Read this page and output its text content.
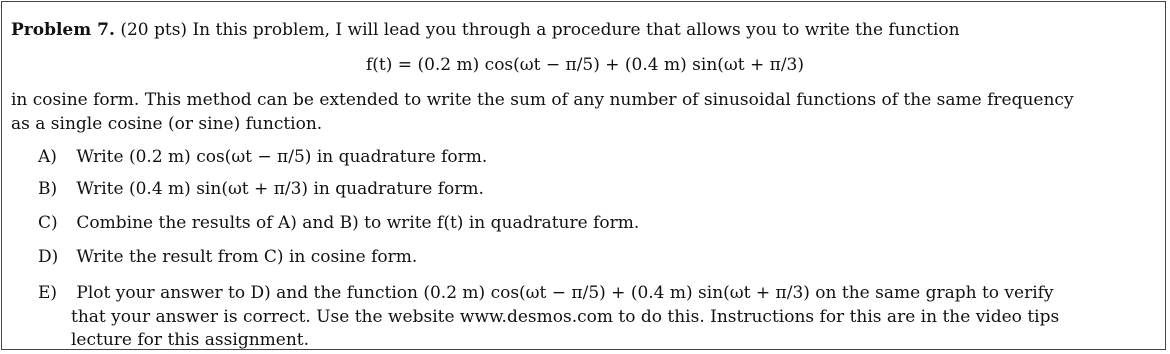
Problem 7. (20 pts) In this problem, I will lead you through a procedure that allows you to write the function
f(t) = (0.2 m) cos(ωt − π/5) + (0.4 m) sin(ωt + π/3)
in cosine form. This method can be extended to write the sum of any number of sinusoidal functions of the same frequency
as a single cosine (or sine) function.
A) Write (0.2 m) cos(ωt − π/5) in quadrature form.
B) Write (0.4 m) sin(ωt + π/3) in quadrature form.
C) Combine the results of A) and B) to write f(t) in quadrature form.
D) Write the result from C) in cosine form.
E) Plot your answer to D) and the function (0.2 m) cos(ωt − π/5) + (0.4 m) sin(ωt + π/3) on the same graph to verify
that your answer is correct. Use the website www.desmos.com to do this. Instructions for this are in the video tips
lecture for this assignment.
